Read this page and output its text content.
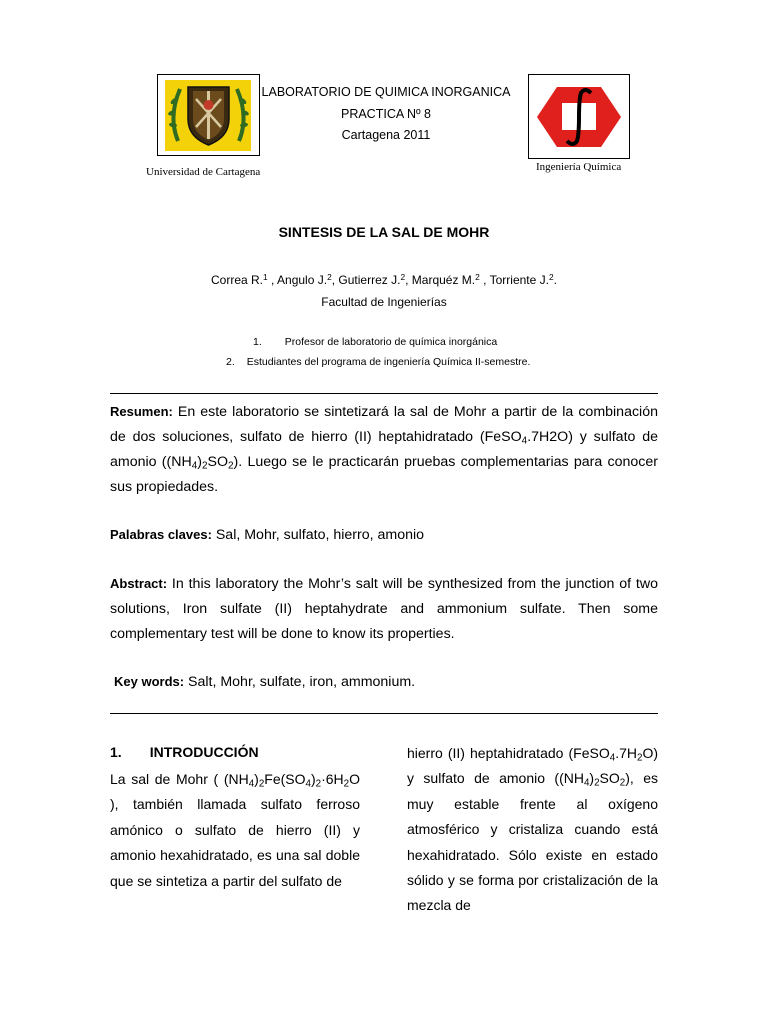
LABORATORIO DE QUIMICA INORGANICA
PRACTICA Nº 8
Cartagena 2011
Universidad de Cartagena	Ingeniería Química
SINTESIS DE LA SAL DE MOHR
Correa R.$^1$ , Angulo J.$^2$, Gutierrez J.$^2$, Marquéz M.$^2$ , Torriente J.$^2$.
Facultad de Ingenierías
1. Profesor de laboratorio de química inorgánica
2. Estudiantes del programa de ingeniería Química II-semestre.
Resumen: En este laboratorio se sintetizará la sal de Mohr a partir de la combinación de dos soluciones, sulfato de hierro (II) heptahidratado (FeSO$_4$.7H2O) y sulfato de amonio $((NH_4)_2SO_2)$. Luego se le practicarán pruebas complementarias para conocer sus propiedades.
Palabras claves: Sal, Mohr, sulfato, hierro, amonio
Abstract: In this laboratory the Mohr’s salt will be synthesized from the junction of two solutions, Iron sulfate (II) heptahydrate and ammonium sulfate. Then some complementary test will be done to know its properties.
Key words: Salt, Mohr, sulfate, iron, ammonium.
1. INTRODUCCIÓN

La sal de Mohr ( $(NH_4)_2Fe(SO_4)_2\cdot 6H_2O$ ), también llamada sulfato ferroso amónico o sulfato de hierro (II) y amonio hexahidratado, es una sal doble que se sintetiza a partir del sulfato de

hierro (II) heptahidratado $(FeSO_4.7H_2O)$ y sulfato de amonio $((NH_4)_2SO_2)$, es muy estable frente al oxígeno atmosférico y cristaliza cuando está hexahidratado. Sólo existe en estado sólido y se forma por cristalización de la mezcla de
